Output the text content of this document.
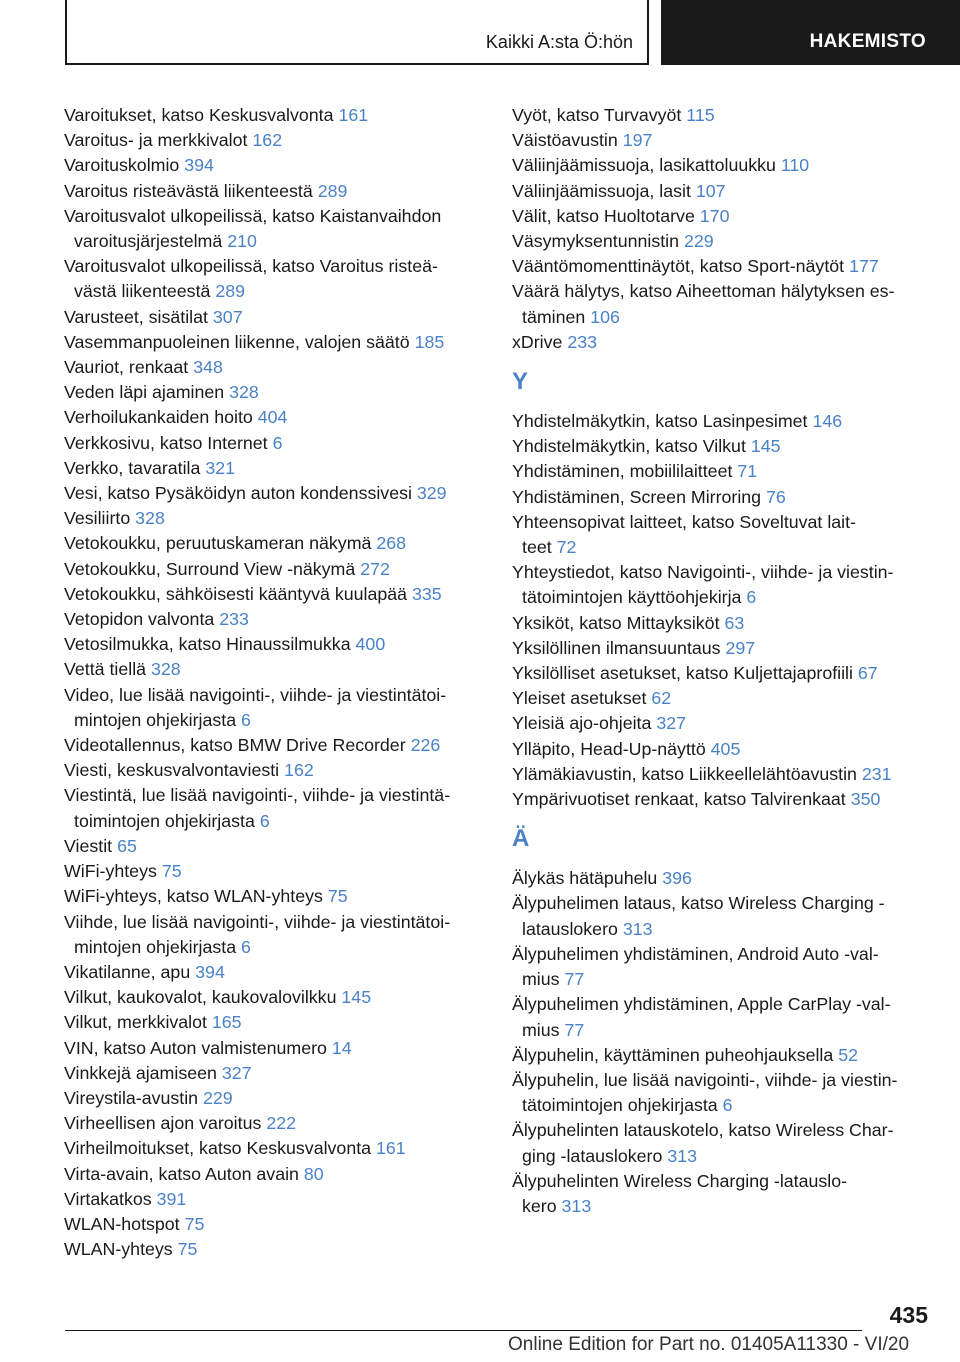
Kaikki A:sta Ö:hön	HAKEMISTO
Varoitukset, katso Keskusvalvonta 161
Varoitus- ja merkkivalot 162
Varoituskolmio 394
Varoitus risteävästä liikenteestä 289
Varoitusvalot ulkopeilissä, katso Kaistanvaihdon
varoitusjärjestelmä 210
Varoitusvalot ulkopeilissä, katso Varoitus risteä-
västä liikenteestä 289
Varusteet, sisätilat 307
Vasemmanpuoleinen liikenne, valojen säätö 185
Vauriot, renkaat 348
Veden läpi ajaminen 328
Verhoilukankaiden hoito 404
Verkkosivu, katso Internet 6
Verkko, tavaratila 321
Vesi, katso Pysäköidyn auton kondenssivesi 329
Vesiliirto 328
Vetokoukku, peruutuskameran näkymä 268
Vetokoukku, Surround View -näkymä 272
Vetokoukku, sähköisesti kääntyvä kuulapää 335
Vetopidon valvonta 233
Vetosilmukka, katso Hinaussilmukka 400
Vettä tiellä 328
Video, lue lisää navigointi-, viihde- ja viestintätoi-
mintojen ohjekirjasta 6
Videotallennus, katso BMW Drive Recorder 226
Viesti, keskusvalvontaviesti 162
Viestintä, lue lisää navigointi-, viihde- ja viestintä-
toimintojen ohjekirjasta 6
Viestit 65
WiFi-yhteys 75
WiFi-yhteys, katso WLAN-yhteys 75
Viihde, lue lisää navigointi-, viihde- ja viestintätoi-
mintojen ohjekirjasta 6
Vikatilanne, apu 394
Vilkut, kaukovalot, kaukovalovilkku 145
Vilkut, merkkivalot 165
VIN, katso Auton valmistenumero 14
Vinkkejä ajamiseen 327
Vireystila-avustin 229
Virheellisen ajon varoitus 222
Virheilmoitukset, katso Keskusvalvonta 161
Virta-avain, katso Auton avain 80
Virtakatkos 391
WLAN-hotspot 75
WLAN-yhteys 75
Vyöt, katso Turvavyöt 115
Väistöavustin 197
Väliinjäämissuoja, lasikattoluukku 110
Väliinjäämissuoja, lasit 107
Välit, katso Huoltotarve 170
Väsymyksentunnistin 229
Vääntömomenttinäytöt, katso Sport-näytöt 177
Väärä hälytys, katso Aiheettoman hälytyksen es-
täminen 106
xDrive 233
Y
Yhdistelmäkytkin, katso Lasinpesimet 146
Yhdistelmäkytkin, katso Vilkut 145
Yhdistäminen, mobiililaitteet 71
Yhdistäminen, Screen Mirroring 76
Yhteensopivat laitteet, katso Soveltuvat lait-
teet 72
Yhteystiedot, katso Navigointi-, viihde- ja viestin-
tätoimintojen käyttöohjekirja 6
Yksiköt, katso Mittayksiköt 63
Yksilöllinen ilmansuuntaus 297
Yksilölliset asetukset, katso Kuljettajaprofiili 67
Yleiset asetukset 62
Yleisiä ajo-ohjeita 327
Ylläpito, Head-Up-näyttö 405
Ylämäkiavustin, katso Liikkeellelähtöavustin 231
Ympärivuotiset renkaat, katso Talvirenkaat 350
Ä
Älykäs hätäpuhelu 396
Älypuhelimen lataus, katso Wireless Charging -
latauslokero 313
Älypuhelimen yhdistäminen, Android Auto -val-
mius 77
Älypuhelimen yhdistäminen, Apple CarPlay -val-
mius 77
Älypuhelin, käyttäminen puheohjauksella 52
Älypuhelin, lue lisää navigointi-, viihde- ja viestin-
tätoimintojen ohjekirjasta 6
Älypuhelinten latauskotelo, katso Wireless Char-
ging -latauslokero 313
Älypuhelinten Wireless Charging -latauslo-
kero 313
435
Online Edition for Part no. 01405A11330 - VI/20
